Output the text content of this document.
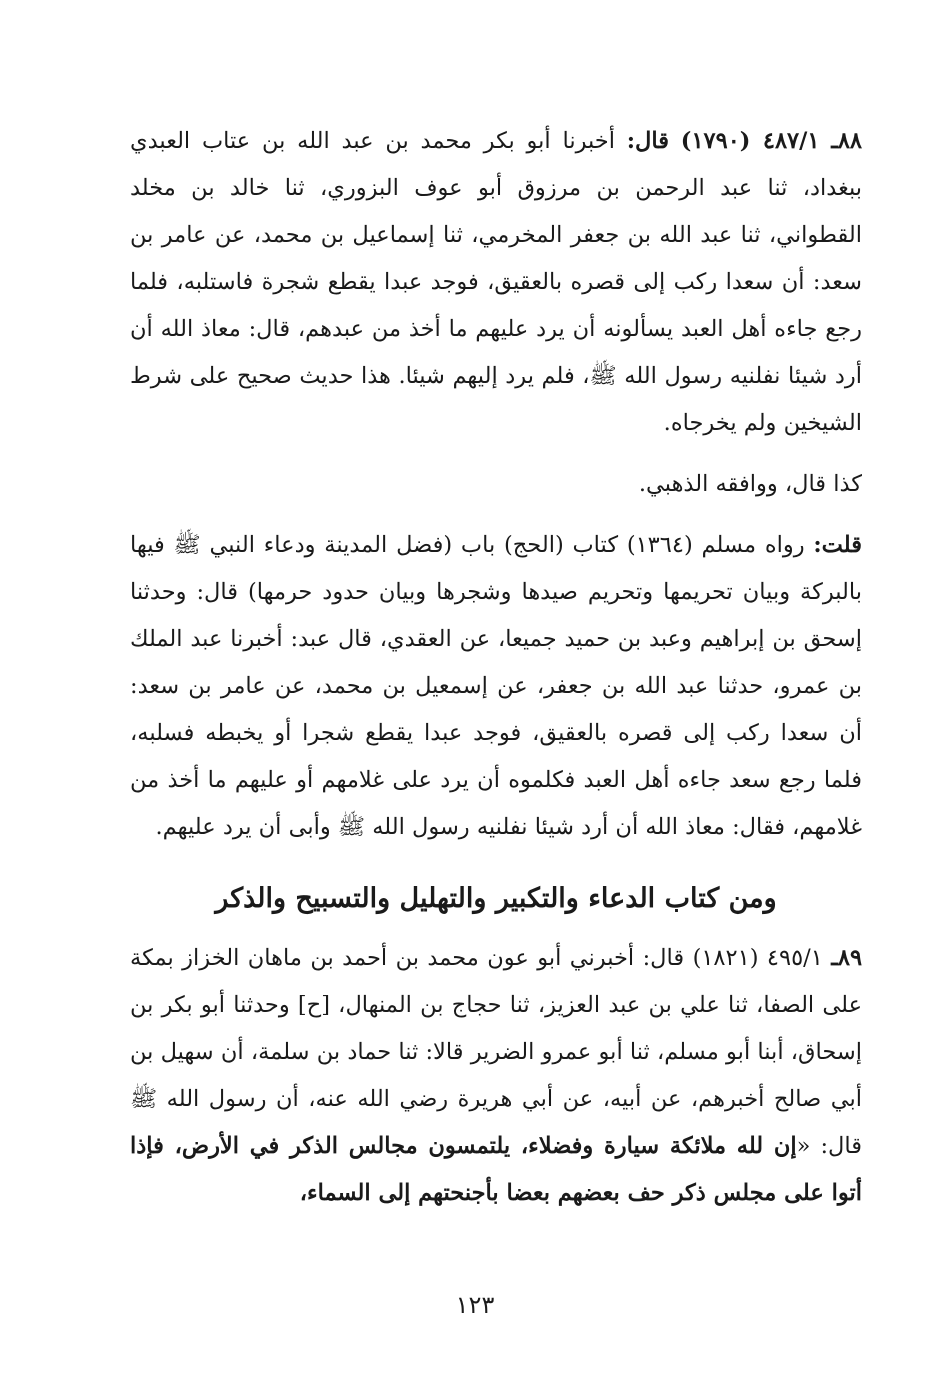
٨٨ـ ٤٨٧/١ (١٧٩٠) قال: أخبرنا أبو بكر محمد بن عبد الله بن عتاب العبدي ببغداد، ثنا عبد الرحمن بن مرزوق أبو عوف البزوري، ثنا خالد بن مخلد القطواني، ثنا عبد الله بن جعفر المخرمي، ثنا إسماعيل بن محمد، عن عامر بن سعد: أن سعدا ركب إلى قصره بالعقيق، فوجد عبدا يقطع شجرة فاستلبه، فلما رجع جاءه أهل العبد يسألونه أن يرد عليهم ما أخذ من عبدهم، قال: معاذ الله أن أرد شيئا نفلنيه رسول الله ﷺ، فلم يرد إليهم شيئا. هذا حديث صحيح على شرط الشيخين ولم يخرجاه.

كذا قال، ووافقه الذهبي.

قلت: رواه مسلم (١٣٦٤) كتاب (الحج) باب (فضل المدينة ودعاء النبي ﷺ فيها بالبركة وبيان تحريمها وتحريم صيدها وشجرها وبيان حدود حرمها) قال: وحدثنا إسحق بن إبراهيم وعبد بن حميد جميعا، عن العقدي، قال عبد: أخبرنا عبد الملك بن عمرو، حدثنا عبد الله بن جعفر، عن إسمعيل بن محمد، عن عامر بن سعد: أن سعدا ركب إلى قصره بالعقيق، فوجد عبدا يقطع شجرا أو يخبطه فسلبه، فلما رجع سعد جاءه أهل العبد فكلموه أن يرد على غلامهم أو عليهم ما أخذ من غلامهم، فقال: معاذ الله أن أرد شيئا نفلنيه رسول الله ﷺ وأبى أن يرد عليهم.

ومن كتاب الدعاء والتكبير والتهليل والتسبيح والذكر

٨٩ـ ٤٩٥/١ (١٨٢١) قال: أخبرني أبو عون محمد بن أحمد بن ماهان الخزاز بمكة على الصفا، ثنا علي بن عبد العزيز، ثنا حجاج بن المنهال، [ح] وحدثنا أبو بكر بن إسحاق، أبنا أبو مسلم، ثنا أبو عمرو الضرير قالا: ثنا حماد بن سلمة، أن سهيل بن أبي صالح أخبرهم، عن أبيه، عن أبي هريرة رضي الله عنه، أن رسول الله ﷺ قال: «إن لله ملائكة سيارة وفضلاء، يلتمسون مجالس الذكر في الأرض، فإذا أتوا على مجلس ذكر حف بعضهم بعضا بأجنحتهم إلى السماء،

١٢٣
